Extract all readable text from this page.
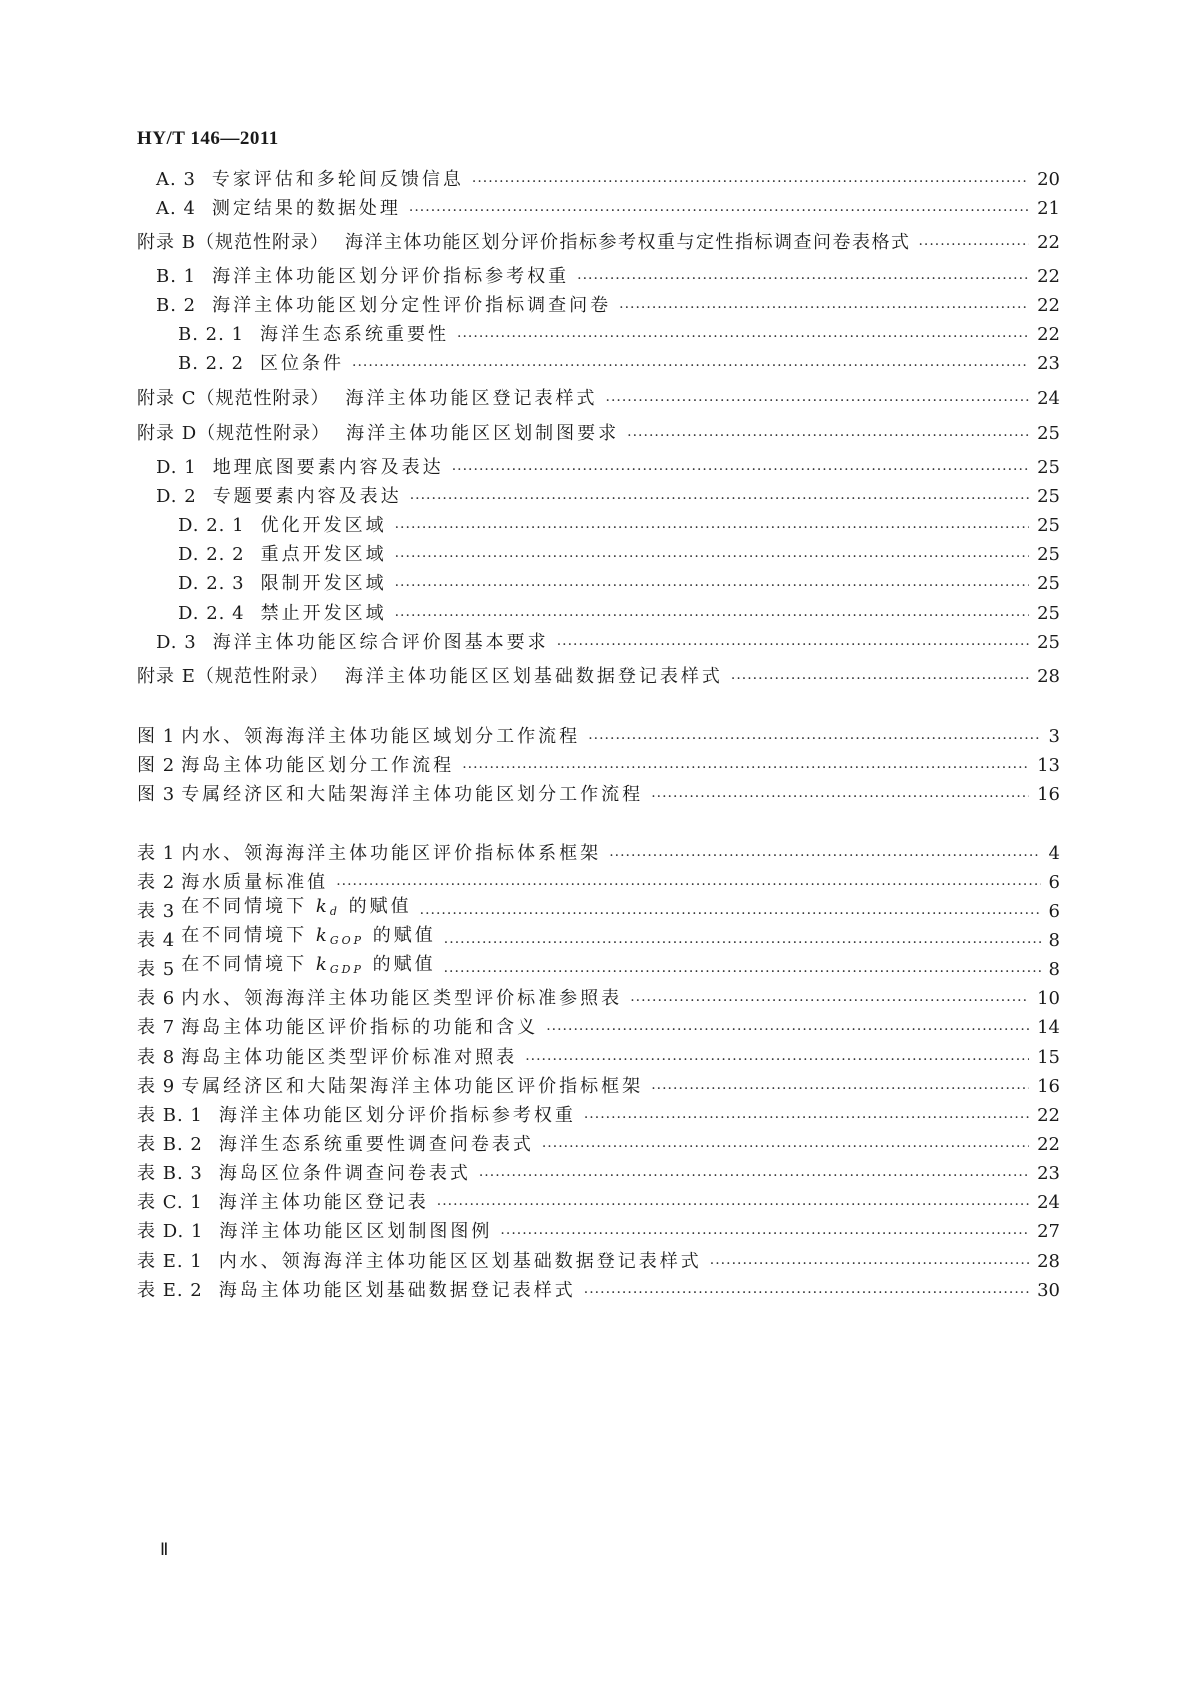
HY/T 146—2011
A. 3 专家评估和多轮间反馈信息 ·····	20
A. 4 测定结果的数据处理 ·····	21
附录 B（规范性附录） 海洋主体功能区划分评价指标参考权重与定性指标调查问卷表格式 ·····	22
B. 1 海洋主体功能区划分评价指标参考权重 ·····	22
B. 2 海洋主体功能区划分定性评价指标调查问卷 ·····	22
B. 2. 1 海洋生态系统重要性 ·····	22
B. 2. 2 区位条件 ·····	23
附录 C（规范性附录） 海洋主体功能区登记表样式 ·····	24
附录 D（规范性附录） 海洋主体功能区区划制图要求 ·····	25
D. 1 地理底图要素内容及表达 ·····	25
D. 2 专题要素内容及表达 ·····	25
D. 2. 1 优化开发区域 ·····	25
D. 2. 2 重点开发区域 ·····	25
D. 2. 3 限制开发区域 ·····	25
D. 2. 4 禁止开发区域 ·····	25
D. 3 海洋主体功能区综合评价图基本要求 ·····	25
附录 E（规范性附录） 海洋主体功能区区划基础数据登记表样式 ·····	28
图 1 内水、领海海洋主体功能区域划分工作流程 ·····	3
图 2 海岛主体功能区划分工作流程 ·····	13
图 3 专属经济区和大陆架海洋主体功能区划分工作流程 ·····	16
表 1 内水、领海海洋主体功能区评价指标体系框架 ·····	4
表 2 海水质量标准值 ·····	6
表 3 在不同情境下 $k_d$ 的赋值 ·····	6
表 4 在不同情境下 $k_{GOP}$ 的赋值 ·····	8
表 5 在不同情境下 $k_{GDP}$ 的赋值 ·····	8
表 6 内水、领海海洋主体功能区类型评价标准参照表 ·····	10
表 7 海岛主体功能区评价指标的功能和含义 ·····	14
表 8 海岛主体功能区类型评价标准对照表 ·····	15
表 9 专属经济区和大陆架海洋主体功能区评价指标框架 ·····	16
表 B. 1 海洋主体功能区划分评价指标参考权重 ·····	22
表 B. 2 海洋生态系统重要性调查问卷表式 ·····	22
表 B. 3 海岛区位条件调查问卷表式 ·····	23
表 C. 1 海洋主体功能区登记表 ·····	24
表 D. 1 海洋主体功能区区划制图图例 ·····	27
表 E. 1 内水、领海海洋主体功能区区划基础数据登记表样式 ·····	28
表 E. 2 海岛主体功能区划基础数据登记表样式 ·····	30
Ⅱ
